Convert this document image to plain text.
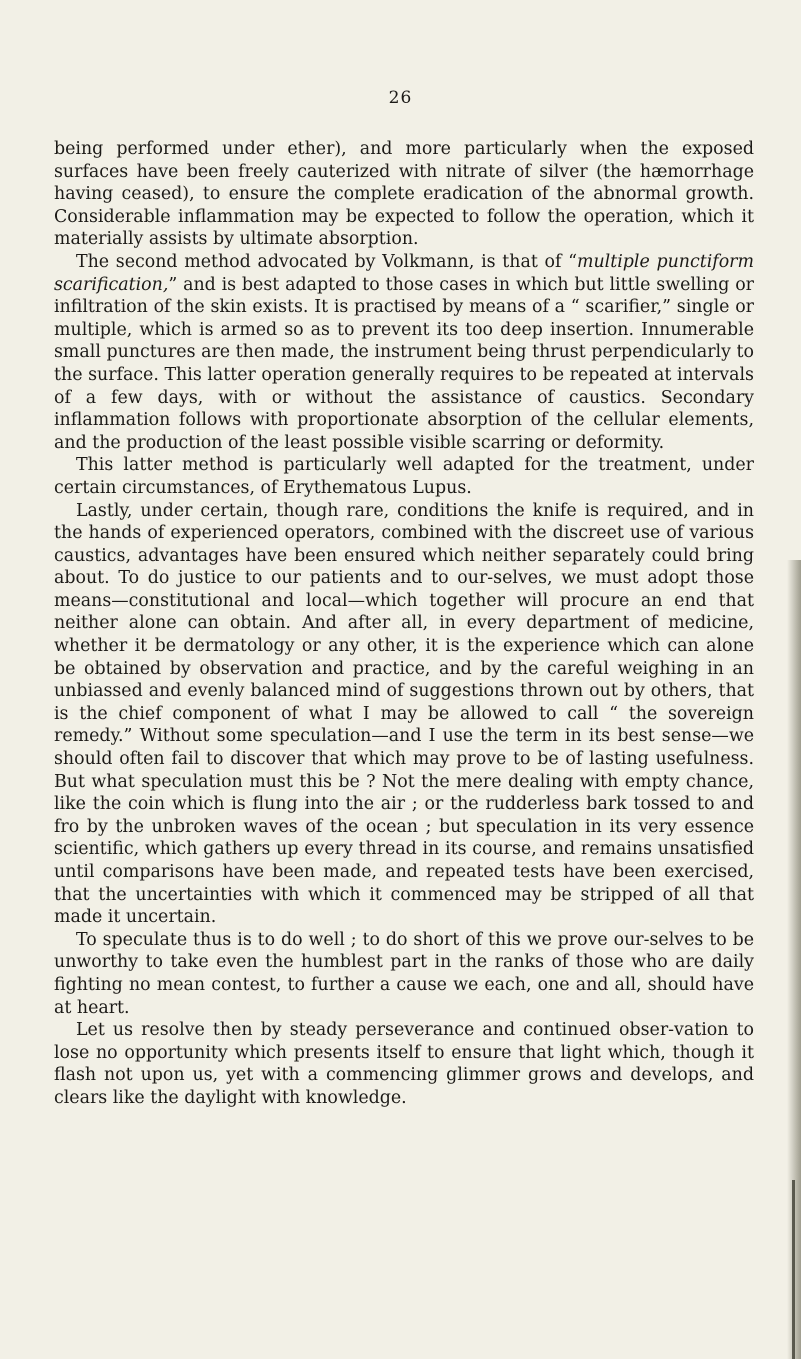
26

being performed under ether), and more particularly when the exposed surfaces have been freely cauterized with nitrate of silver (the hæmorrhage having ceased), to ensure the complete eradication of the abnormal growth. Considerable inflammation may be expected to follow the operation, which it materially assists by ultimate absorption.

The second method advocated by Volkmann, is that of “multiple punctiform scarification,” and is best adapted to those cases in which but little swelling or infiltration of the skin exists. It is practised by means of a “ scarifier,” single or multiple, which is armed so as to prevent its too deep insertion. Innumerable small punctures are then made, the instrument being thrust perpendicularly to the surface. This latter operation generally requires to be repeated at intervals of a few days, with or without the assistance of caustics. Secondary inflammation follows with proportionate absorption of the cellular elements, and the production of the least possible visible scarring or deformity.

This latter method is particularly well adapted for the treatment, under certain circumstances, of Erythematous Lupus.

Lastly, under certain, though rare, conditions the knife is required, and in the hands of experienced operators, combined with the discreet use of various caustics, advantages have been ensured which neither separately could bring about. To do justice to our patients and to our-selves, we must adopt those means—constitutional and local—which together will procure an end that neither alone can obtain. And after all, in every department of medicine, whether it be dermatology or any other, it is the experience which can alone be obtained by observation and practice, and by the careful weighing in an unbiassed and evenly balanced mind of suggestions thrown out by others, that is the chief component of what I may be allowed to call “ the sovereign remedy.” Without some speculation—and I use the term in its best sense—we should often fail to discover that which may prove to be of lasting usefulness. But what speculation must this be ? Not the mere dealing with empty chance, like the coin which is flung into the air ; or the rudderless bark tossed to and fro by the unbroken waves of the ocean ; but speculation in its very essence scientific, which gathers up every thread in its course, and remains unsatisfied until comparisons have been made, and repeated tests have been exercised, that the uncertainties with which it commenced may be stripped of all that made it uncertain.

To speculate thus is to do well ; to do short of this we prove our-selves to be unworthy to take even the humblest part in the ranks of those who are daily fighting no mean contest, to further a cause we each, one and all, should have at heart.

Let us resolve then by steady perseverance and continued obser-vation to lose no opportunity which presents itself to ensure that light which, though it flash not upon us, yet with a commencing glimmer grows and develops, and clears like the daylight with knowledge.
